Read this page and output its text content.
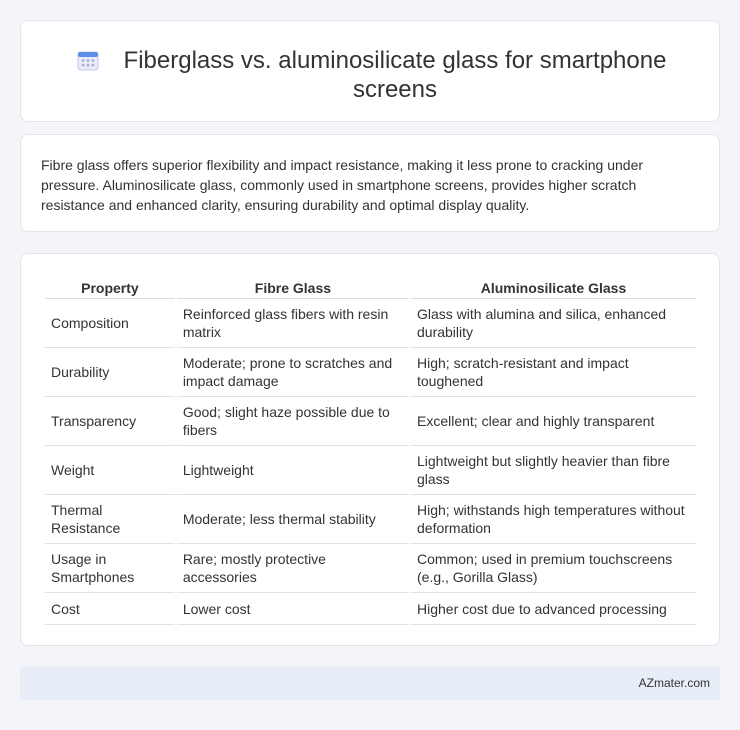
Fiberglass vs. aluminosilicate glass for smartphone screens

Fibre glass offers superior flexibility and impact resistance, making it less prone to cracking under pressure. Aluminosilicate glass, commonly used in smartphone screens, provides higher scratch resistance and enhanced clarity, ensuring durability and optimal display quality.

Property	Fibre Glass	Aluminosilicate Glass
Composition	Reinforced glass fibers with resin matrix	Glass with alumina and silica, enhanced durability
Durability	Moderate; prone to scratches and impact damage	High; scratch-resistant and impact toughened
Transparency	Good; slight haze possible due to fibers	Excellent; clear and highly transparent
Weight	Lightweight	Lightweight but slightly heavier than fibre glass
Thermal Resistance	Moderate; less thermal stability	High; withstands high temperatures without deformation
Usage in Smartphones	Rare; mostly protective accessories	Common; used in premium touchscreens (e.g., Gorilla Glass)
Cost	Lower cost	Higher cost due to advanced processing
AZmater.com
